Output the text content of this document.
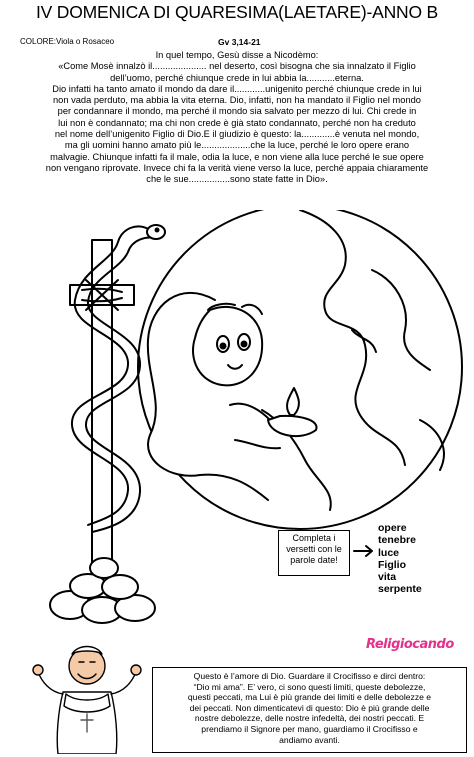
IV DOMENICA DI QUARESIMA(LAETARE)-ANNO B
COLORE:Viola o Rosaceo	Gv 3,14-21

In quel tempo, Gesù disse a Nicodèmo:

«Come Mosè innalzò il..................... nel deserto, così bisogna che sia innalzato il Figlio

dell’uomo, perché chiunque crede in lui abbia la...........eterna.

Dio infatti ha tanto amato il mondo da dare il............unigenito perché chiunque crede in lui

non vada perduto, ma abbia la vita eterna. Dio, infatti, non ha mandato il Figlio nel mondo

per condannare il mondo, ma perché il mondo sia salvato per mezzo di lui. Chi crede in

lui non è condannato; ma chi non crede è già stato condannato, perché non ha creduto

nel nome dell’unigenito Figlio di Dio.E il giudizio è questo: la.............è venuta nel mondo,

ma gli uomini hanno amato più le...................che la luce, perché le loro opere erano

malvagie. Chiunque infatti fa il male, odia la luce, e non viene alla luce perché le sue opere

non vengano riprovate. Invece chi fa la verità viene verso la luce, perché appaia chiaramente

che le sue................sono state fatte in Dio».

Completa i
versetti con le
parole date!
opere
tenebre
luce
Figlio
vita
serpente
Religiocando

Questo è l’amore di Dio. Guardare il Crocifisso e dirci dentro:

“Dio mi ama”. E’ vero, ci sono questi limiti, queste debolezze,

questi peccati, ma Lui è più grande dei limiti e delle debolezze e

dei peccati. Non dimenticatevi di questo: Dio è più grande delle

nostre debolezze, delle nostre infedeltà, dei nostri peccati. E

prendiamo il Signore per mano, guardiamo il Crocifisso e

andiamo avanti.
